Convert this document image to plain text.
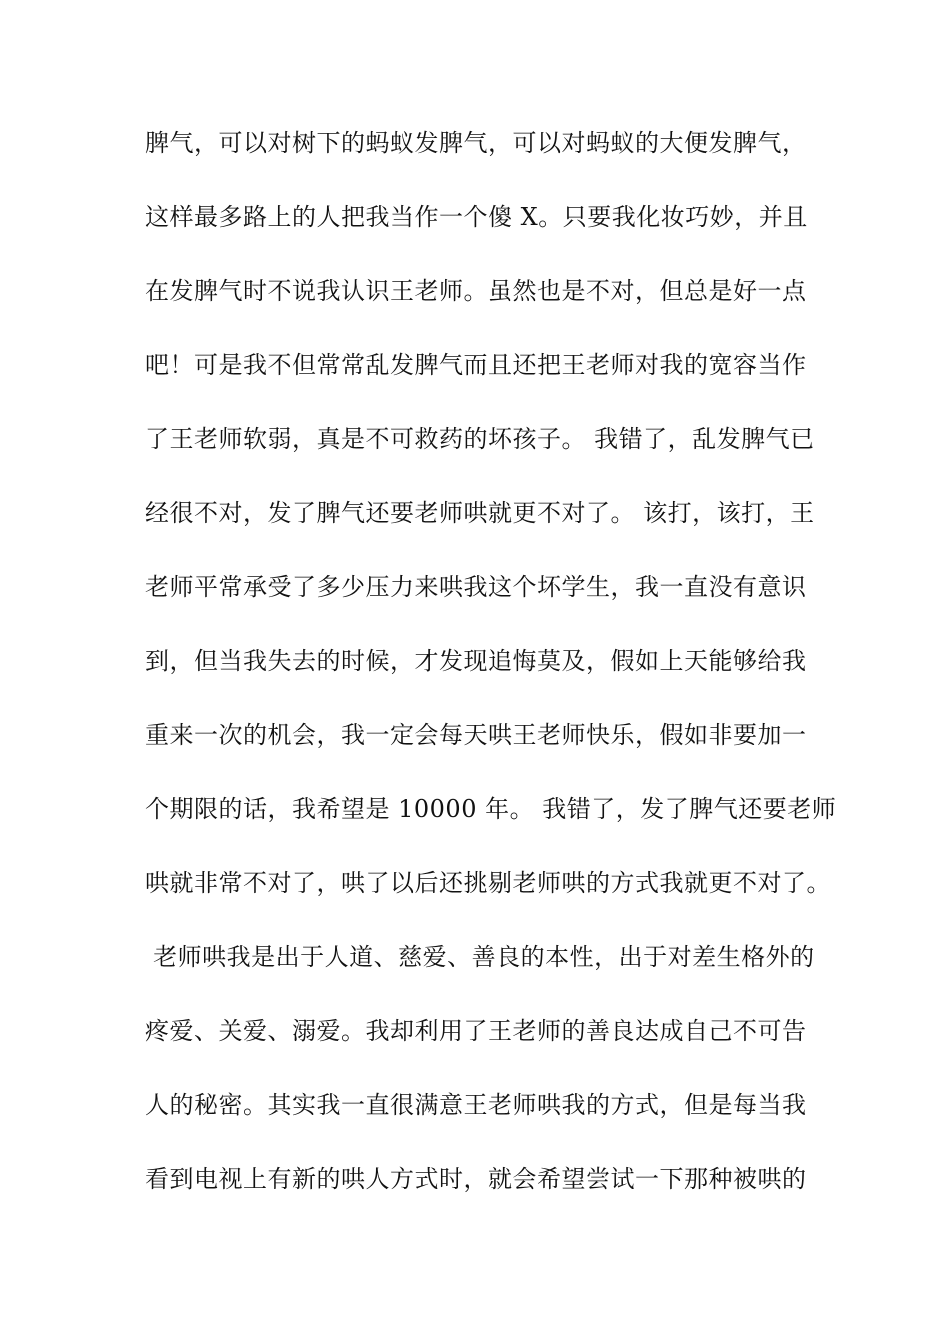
脾气，可以对树下的蚂蚁发脾气，可以对蚂蚁的大便发脾气，
这样最多路上的人把我当作一个傻 X。只要我化妆巧妙，并且
在发脾气时不说我认识王老师。虽然也是不对，但总是好一点
吧！可是我不但常常乱发脾气而且还把王老师对我的宽容当作
了王老师软弱，真是不可救药的坏孩子。 我错了，乱发脾气已
经很不对，发了脾气还要老师哄就更不对了。 该打，该打，王
老师平常承受了多少压力来哄我这个坏学生，我一直没有意识
到，但当我失去的时候，才发现追悔莫及，假如上天能够给我
重来一次的机会，我一定会每天哄王老师快乐，假如非要加一
个期限的话，我希望是 10000 年。 我错了，发了脾气还要老师
哄就非常不对了，哄了以后还挑剔老师哄的方式我就更不对了。
老师哄我是出于人道、慈爱、善良的本性，出于对差生格外的
疼爱、关爱、溺爱。我却利用了王老师的善良达成自己不可告
人的秘密。其实我一直很满意王老师哄我的方式，但是每当我
看到电视上有新的哄人方式时，就会希望尝试一下那种被哄的
